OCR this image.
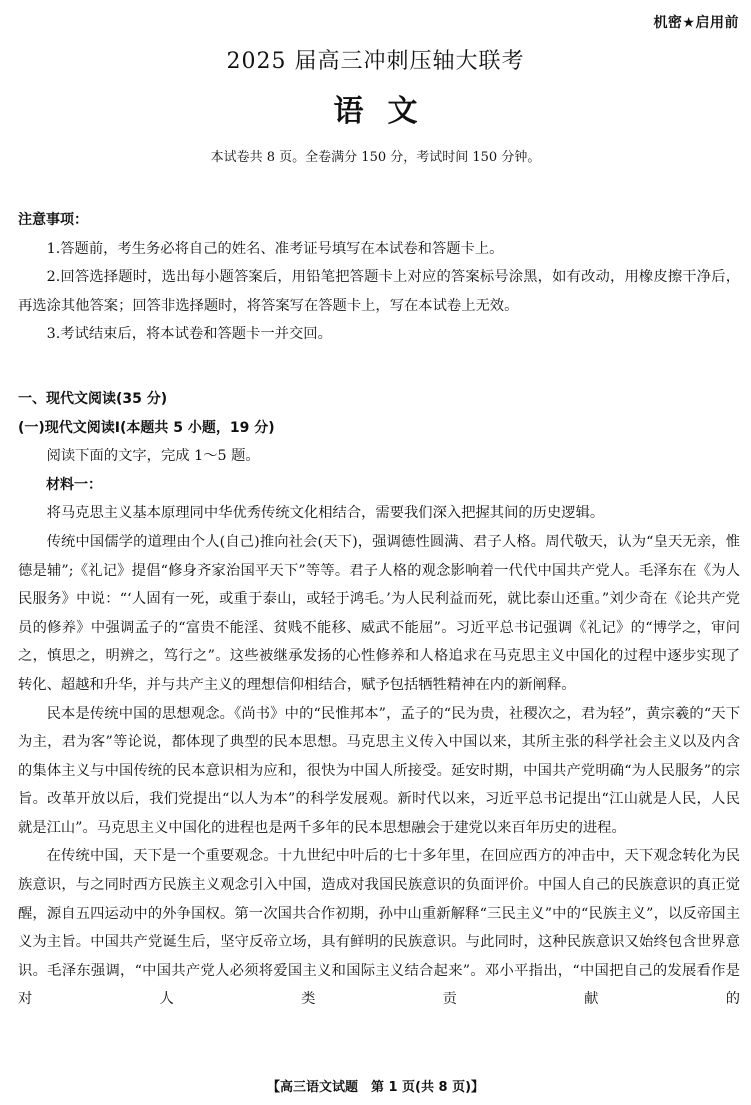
机密★启用前
2025 届高三冲刺压轴大联考
语文
本试卷共 8 页。全卷满分 150 分，考试时间 150 分钟。

注意事项：

1.答题前，考生务必将自己的姓名、准考证号填写在本试卷和答题卡上。

2.回答选择题时，选出每小题答案后，用铅笔把答题卡上对应的答案标号涂黑，如有改动，用橡皮擦干净后，再选涂其他答案；回答非选择题时，将答案写在答题卡上，写在本试卷上无效。

3.考试结束后，将本试卷和答题卡一并交回。

一、现代文阅读(35 分)

(一)现代文阅读Ⅰ(本题共 5 小题，19 分)

阅读下面的文字，完成 1～5 题。

材料一：

将马克思主义基本原理同中华优秀传统文化相结合，需要我们深入把握其间的历史逻辑。

传统中国儒学的道理由个人(自己)推向社会(天下)，强调德性圆满、君子人格。周代敬天，认为“皇天无亲，惟德是辅”;《礼记》提倡“修身齐家治国平天下”等等。君子人格的观念影响着一代代中国共产党人。毛泽东在《为人民服务》中说：“‘人固有一死，或重于泰山，或轻于鸿毛。’为人民利益而死，就比泰山还重。”刘少奇在《论共产党员的修养》中强调孟子的“富贵不能淫、贫贱不能移、威武不能屈”。习近平总书记强调《礼记》的“博学之，审问之，慎思之，明辨之，笃行之”。这些被继承发扬的心性修养和人格追求在马克思主义中国化的过程中逐步实现了转化、超越和升华，并与共产主义的理想信仰相结合，赋予包括牺牲精神在内的新阐释。

民本是传统中国的思想观念。《尚书》中的“民惟邦本”，孟子的“民为贵，社稷次之，君为轻”，黄宗羲的“天下为主，君为客”等论说，都体现了典型的民本思想。马克思主义传入中国以来，其所主张的科学社会主义以及内含的集体主义与中国传统的民本意识相为应和，很快为中国人所接受。延安时期，中国共产党明确“为人民服务”的宗旨。改革开放以后，我们党提出“以人为本”的科学发展观。新时代以来，习近平总书记提出“江山就是人民，人民就是江山”。马克思主义中国化的进程也是两千多年的民本思想融会于建党以来百年历史的进程。

在传统中国，天下是一个重要观念。十九世纪中叶后的七十多年里，在回应西方的冲击中，天下观念转化为民族意识，与之同时西方民族主义观念引入中国，造成对我国民族意识的负面评价。中国人自己的民族意识的真正觉醒，源自五四运动中的外争国权。第一次国共合作初期，孙中山重新解释“三民主义”中的“民族主义”，以反帝国主义为主旨。中国共产党诞生后，坚守反帝立场，具有鲜明的民族意识。与此同时，这种民族意识又始终包含世界意识。毛泽东强调，“中国共产党人必须将爱国主义和国际主义结合起来”。邓小平指出，“中国把自己的发展看作是对人类贡献的

【高三语文试题　第 1 页(共 8 页)】
